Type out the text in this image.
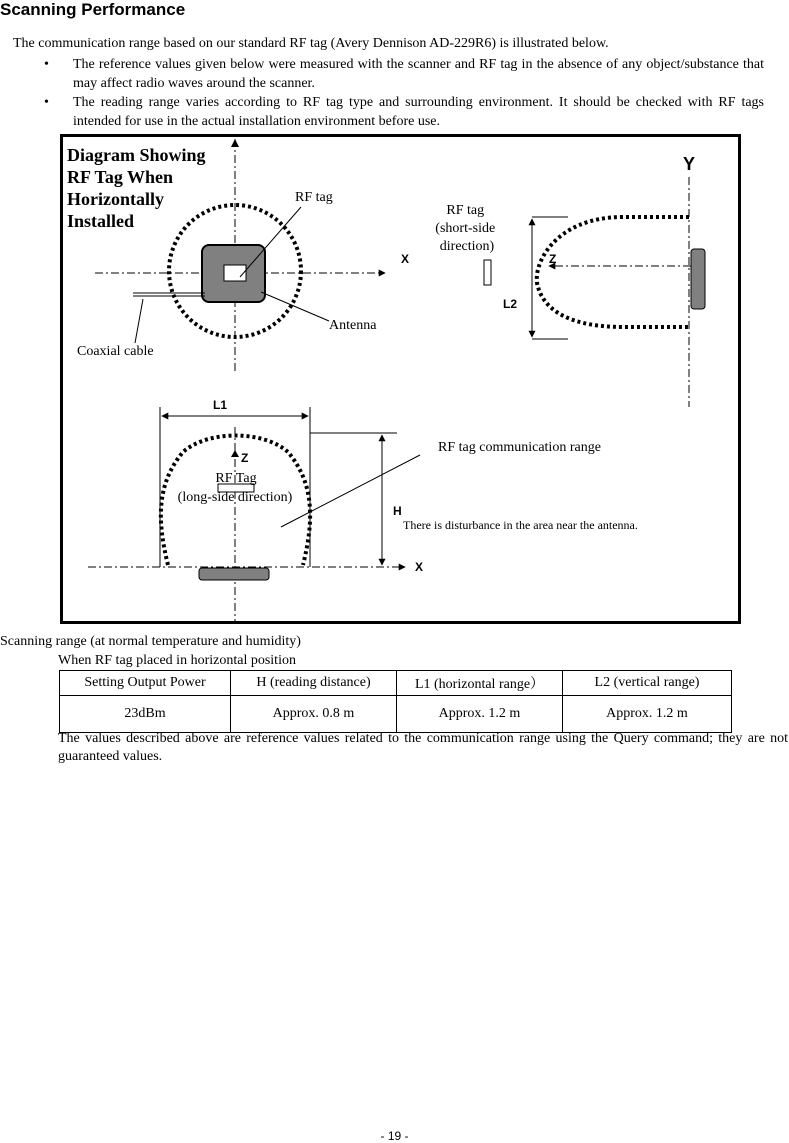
Scanning Performance
The communication range based on our standard RF tag (Avery Dennison AD-229R6) is illustrated below.
• The reference values given below were measured with the scanner and RF tag in the absence of any object/substance that may affect radio waves around the scanner.
• The reading range varies according to RF tag type and surrounding environment. It should be checked with RF tags intended for use in the actual installation environment before use.
Diagram Showing RF Tag When Horizontally Installed
X
RF tag
Antenna
Coaxial cable
RF tag (short-side direction)
Y
Z
L2
L1
Z
RF Tag
(long-side direction)
X
H
RF tag communication range
There is disturbance in the area near the antenna.
Scanning range (at normal temperature and humidity)
When RF tag placed in horizontal position
Setting Output Power	H (reading distance)	L1 (horizontal range）	L2 (vertical range)
23dBm	Approx. 0.8 m	Approx. 1.2 m	Approx. 1.2 m
The values described above are reference values related to the communication range using the Query command; they are not guaranteed values.
- 19 -
